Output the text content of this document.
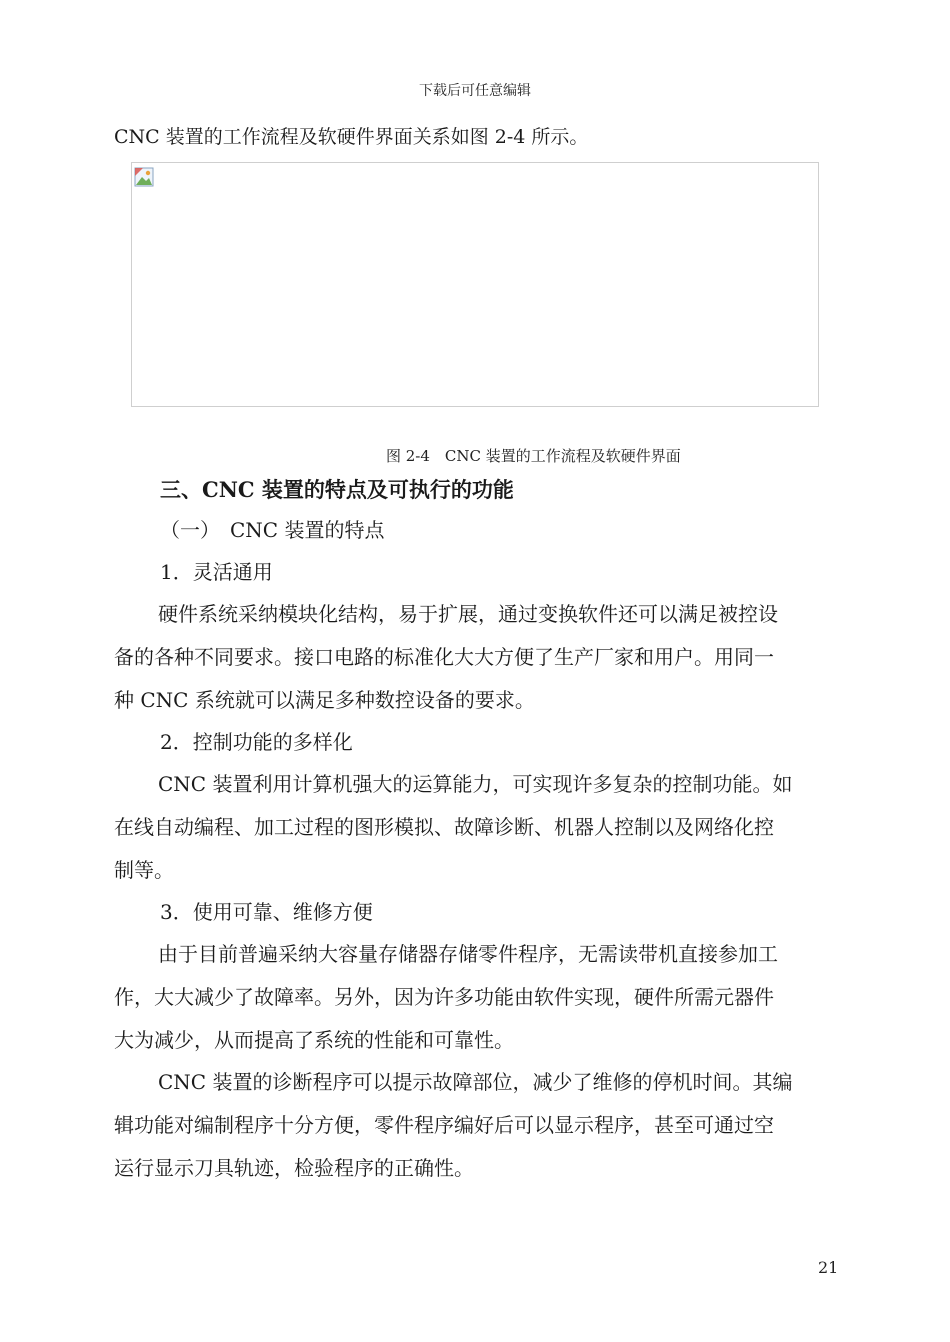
下载后可任意编辑
CNC 装置的工作流程及软硬件界面关系如图 2-4 所示。
图 2-4　CNC 装置的工作流程及软硬件界面
三、CNC 装置的特点及可执行的功能
（一）　CNC 装置的特点
1．灵活通用
硬件系统采纳模块化结构，易于扩展，通过变换软件还可以满足被控设
备的各种不同要求。接口电路的标准化大大方便了生产厂家和用户。用同一
种 CNC 系统就可以满足多种数控设备的要求。
2．控制功能的多样化
CNC 装置利用计算机强大的运算能力，可实现许多复杂的控制功能。如
在线自动编程、加工过程的图形模拟、故障诊断、机器人控制以及网络化控
制等。
3．使用可靠、维修方便
由于目前普遍采纳大容量存储器存储零件程序，无需读带机直接参加工
作，大大减少了故障率。另外，因为许多功能由软件实现，硬件所需元器件
大为减少，从而提高了系统的性能和可靠性。
CNC 装置的诊断程序可以提示故障部位，减少了维修的停机时间。其编
辑功能对编制程序十分方便，零件程序编好后可以显示程序，甚至可通过空
运行显示刀具轨迹，检验程序的正确性。
21
